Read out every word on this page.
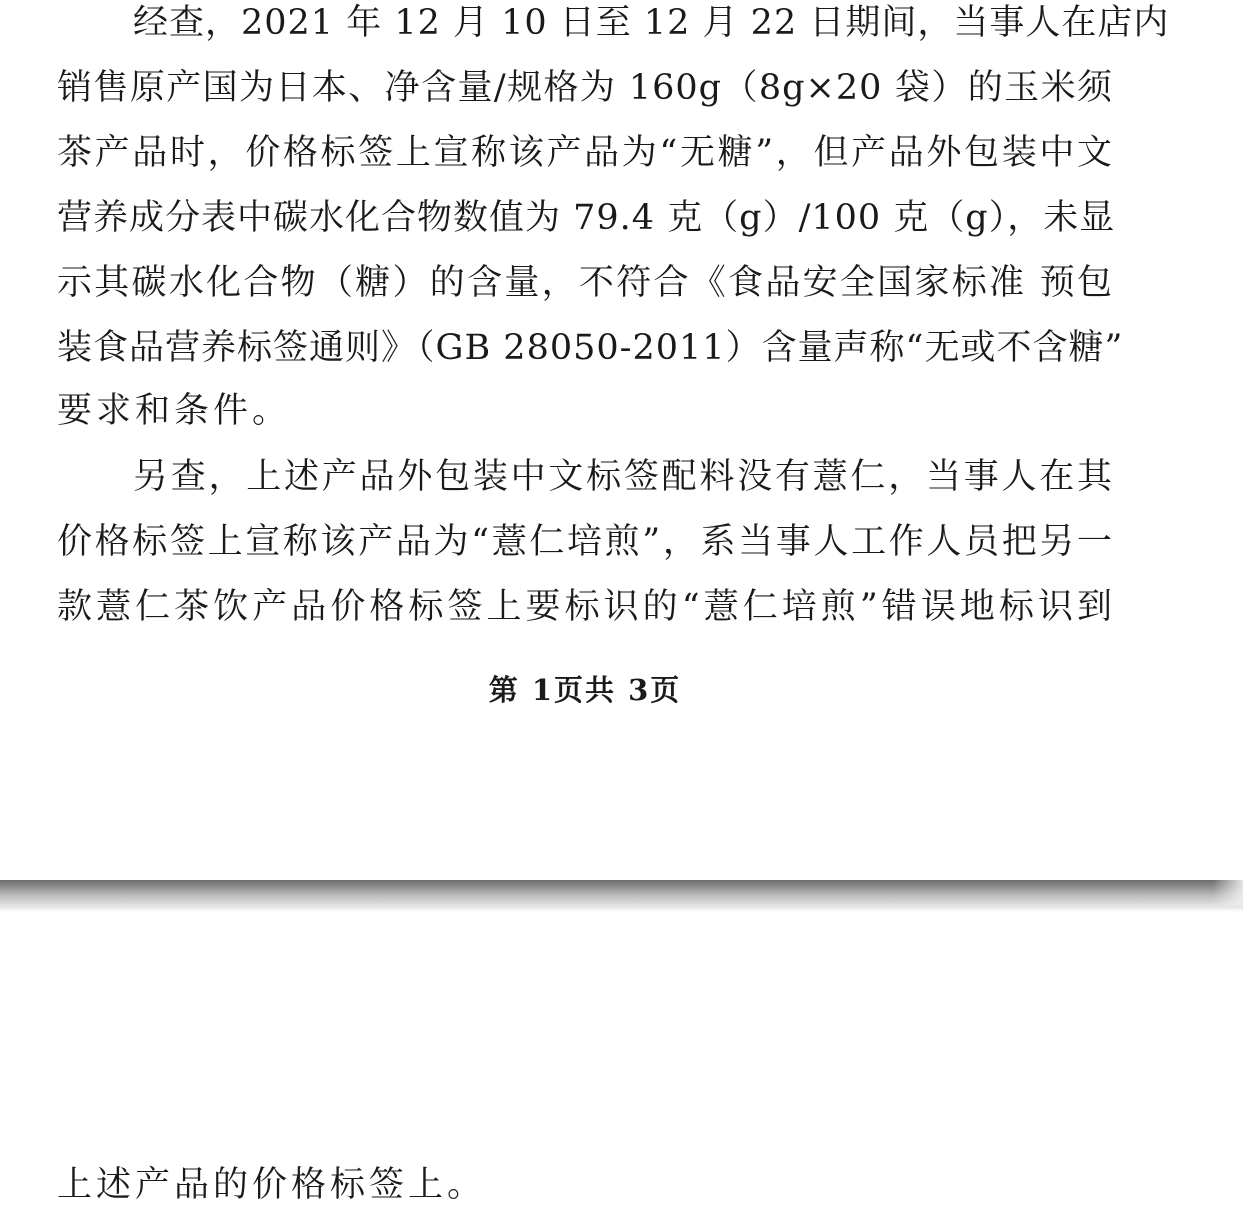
经查，2021 年 12 月 10 日至 12 月 22 日期间，当事人在店内
销售原产国为日本、净含量/规格为 160g（8g×20 袋）的玉米须
茶产品时，价格标签上宣称该产品为“无糖”，但产品外包装中文
营养成分表中碳水化合物数值为 79.4 克（g）/100 克（g），未显
示其碳水化合物（糖）的含量，不符合《食品安全国家标准 预包
装食品营养标签通则》（GB 28050-2011）含量声称“无或不含糖”
要求和条件。
另查，上述产品外包装中文标签配料没有薏仁，当事人在其
价格标签上宣称该产品为“薏仁培煎”，系当事人工作人员把另一
款薏仁茶饮产品价格标签上要标识的“薏仁培煎”错误地标识到
第 1页共 3页
上述产品的价格标签上。
